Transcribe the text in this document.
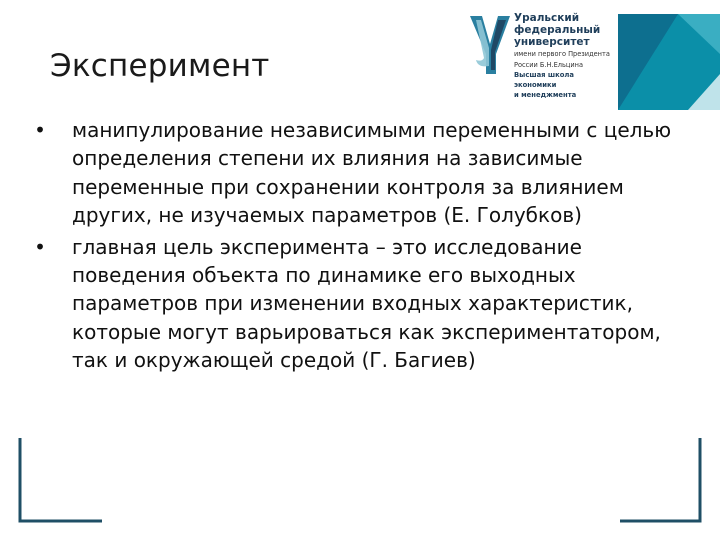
Эксперимент
Уральский
федеральный
университет
имени первого Президента
России Б.Н.Ельцина
Высшая школа
экономики
и менеджмента
• манипулирование независимыми переменными с целью определения степени их влияния на зависимые переменные при сохранении контроля за влиянием других, не изучаемых параметров (Е. Голубков)
• главная цель эксперимента – это исследование поведения объекта по динамике его выходных параметров при изменении входных характеристик, которые могут варьироваться как экспериментатором, так и окружающей средой (Г. Багиев)
